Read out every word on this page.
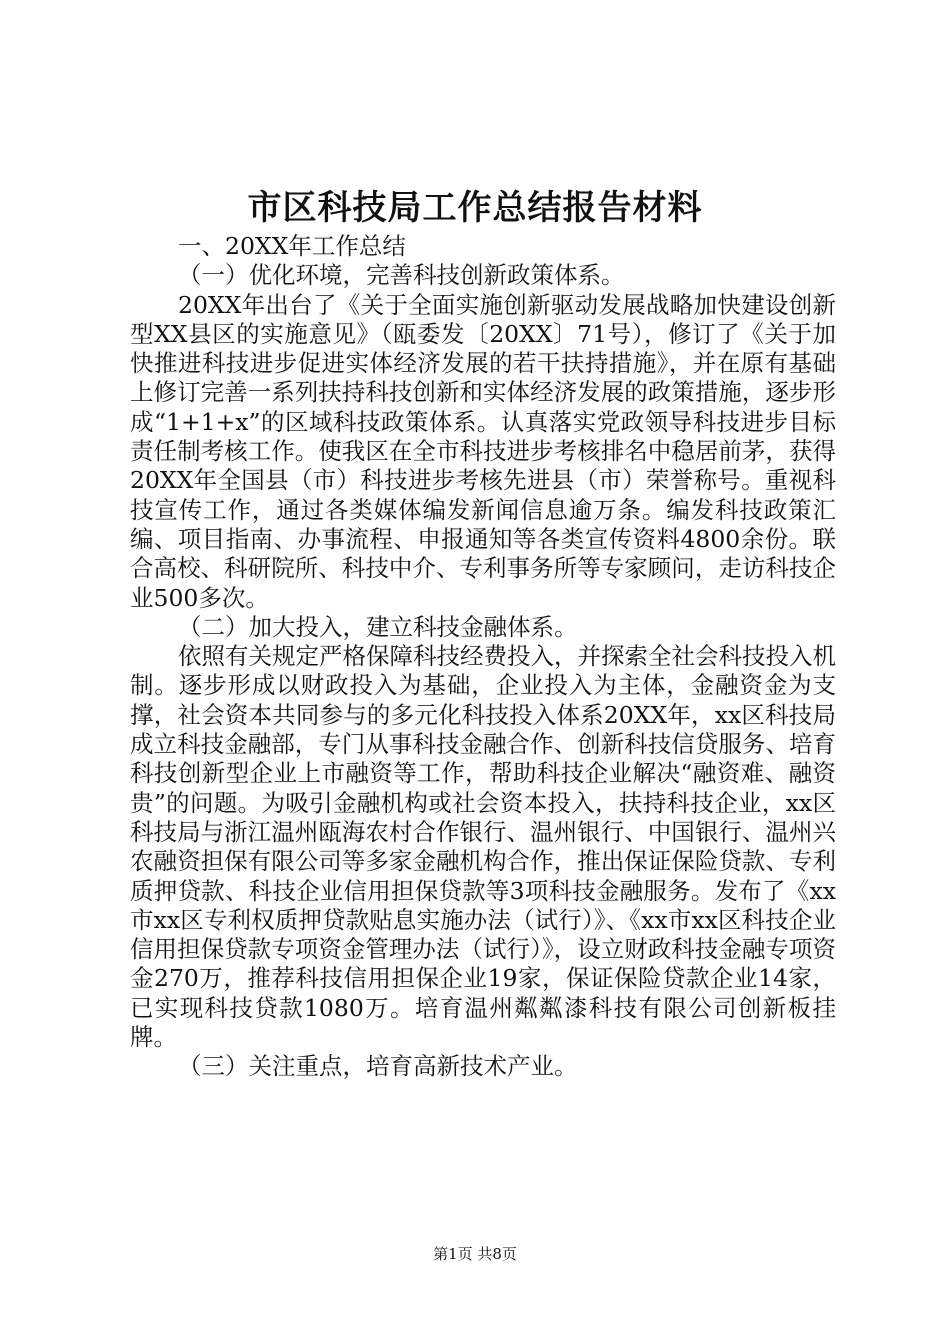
市区科技局工作总结报告材料

一、20XX年工作总结

（一）优化环境，完善科技创新政策体系。

20XX年出台了《关于全面实施创新驱动发展战略加快建设创新型XX县区的实施意见》（瓯委发〔20XX〕71号），修订了《关于加快推进科技进步促进实体经济发展的若干扶持措施》，并在原有基础上修订完善一系列扶持科技创新和实体经济发展的政策措施，逐步形成“1+1+x”的区域科技政策体系。认真落实党政领导科技进步目标责任制考核工作。使我区在全市科技进步考核排名中稳居前茅，获得20XX年全国县（市）科技进步考核先进县（市）荣誉称号。重视科技宣传工作，通过各类媒体编发新闻信息逾万条。编发科技政策汇编、项目指南、办事流程、申报通知等各类宣传资料4800余份。联合高校、科研院所、科技中介、专利事务所等专家顾问，走访科技企业500多次。

（二）加大投入，建立科技金融体系。

依照有关规定严格保障科技经费投入，并探索全社会科技投入机制。逐步形成以财政投入为基础，企业投入为主体，金融资金为支撑，社会资本共同参与的多元化科技投入体系20XX年，xx区科技局成立科技金融部，专门从事科技金融合作、创新科技信贷服务、培育科技创新型企业上市融资等工作，帮助科技企业解决“融资难、融资贵”的问题。为吸引金融机构或社会资本投入，扶持科技企业，xx区科技局与浙江温州瓯海农村合作银行、温州银行、中国银行、温州兴农融资担保有限公司等多家金融机构合作，推出保证保险贷款、专利质押贷款、科技企业信用担保贷款等3项科技金融服务。发布了《xx市xx区专利权质押贷款贴息实施办法（试行）》、《xx市xx区科技企业信用担保贷款专项资金管理办法（试行）》，设立财政科技金融专项资金270万，推荐科技信用担保企业19家，保证保险贷款企业14家，已实现科技贷款1080万。培育温州粼粼漆科技有限公司创新板挂牌。

（三）关注重点，培育高新技术产业。

第1页 共8页
